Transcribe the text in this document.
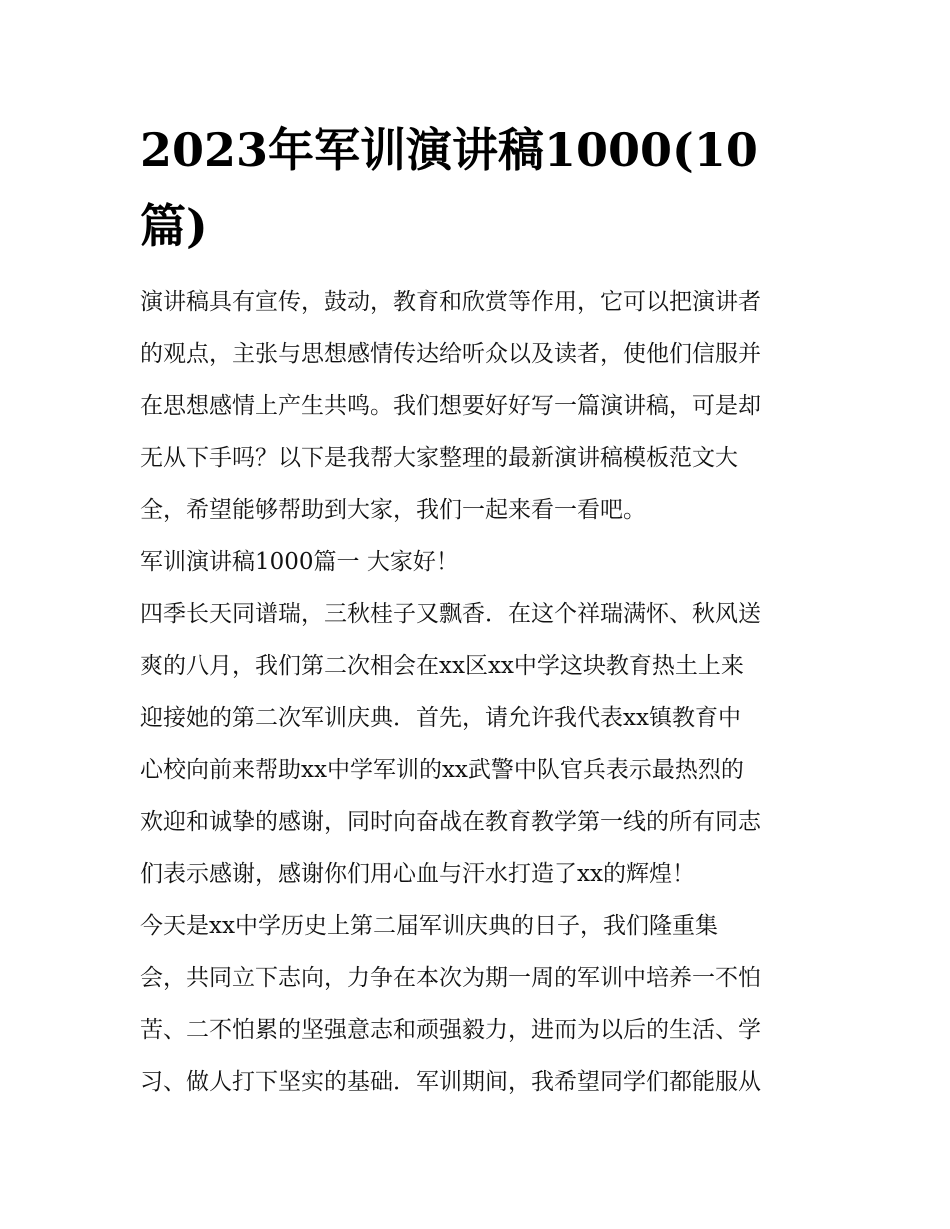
2023年军训演讲稿1000(10
篇)

演讲稿具有宣传，鼓动，教育和欣赏等作用，它可以把演讲者

的观点，主张与思想感情传达给听众以及读者，使他们信服并

在思想感情上产生共鸣。我们想要好好写一篇演讲稿，可是却

无从下手吗？以下是我帮大家整理的最新演讲稿模板范文大

全，希望能够帮助到大家，我们一起来看一看吧。

军训演讲稿1000篇一 大家好！

四季长天同谱瑞，三秋桂子又飘香．在这个祥瑞满怀、秋风送

爽的八月，我们第二次相会在xx区xx中学这块教育热土上来

迎接她的第二次军训庆典．首先，请允许我代表xx镇教育中

心校向前来帮助xx中学军训的xx武警中队官兵表示最热烈的

欢迎和诚挚的感谢，同时向奋战在教育教学第一线的所有同志

们表示感谢，感谢你们用心血与汗水打造了xx的辉煌！

今天是xx中学历史上第二届军训庆典的日子，我们隆重集

会，共同立下志向，力争在本次为期一周的军训中培养一不怕

苦、二不怕累的坚强意志和顽强毅力，进而为以后的生活、学

习、做人打下坚实的基础．军训期间，我希望同学们都能服从
